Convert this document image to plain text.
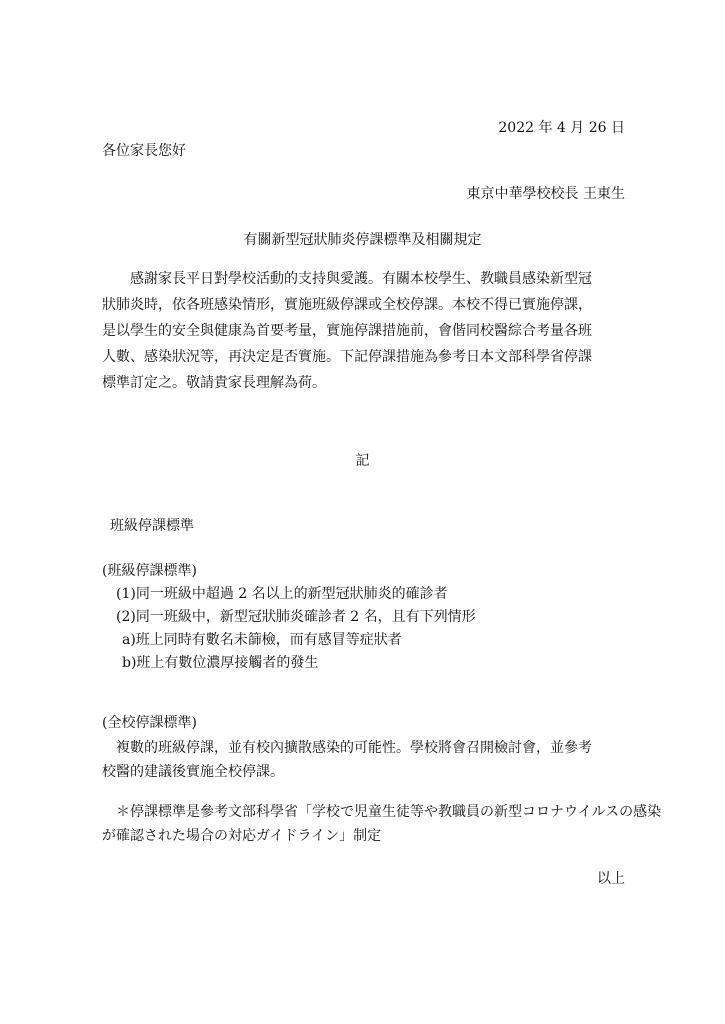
2022 年 4 月 26 日
各位家長您好
東京中華學校校長 王東生
有關新型冠狀肺炎停課標準及相關規定
感謝家長平日對學校活動的支持與愛護。有關本校學生、教職員感染新型冠
狀肺炎時，依各班感染情形，實施班級停課或全校停課。本校不得已實施停課，
是以學生的安全與健康為首要考量，實施停課措施前，會偕同校醫綜合考量各班
人數、感染狀況等，再決定是否實施。下記停課措施為參考日本文部科學省停課
標準訂定之。敬請貴家長理解為荷。
記
班級停課標準
(班級停課標準)
(1)同一班級中超過 2 名以上的新型冠狀肺炎的確診者
(2)同一班級中，新型冠狀肺炎確診者 2 名，且有下列情形
a)班上同時有數名未篩檢，而有感冒等症狀者
b)班上有數位濃厚接觸者的發生
(全校停課標準)
複數的班級停課，並有校內擴散感染的可能性。學校將會召開檢討會，並參考
校醫的建議後實施全校停課。
＊停課標準是參考文部科學省「学校で児童生徒等や教職員の新型コロナウイルスの感染
が確認された場合の対応ガイドライン」制定
以上
